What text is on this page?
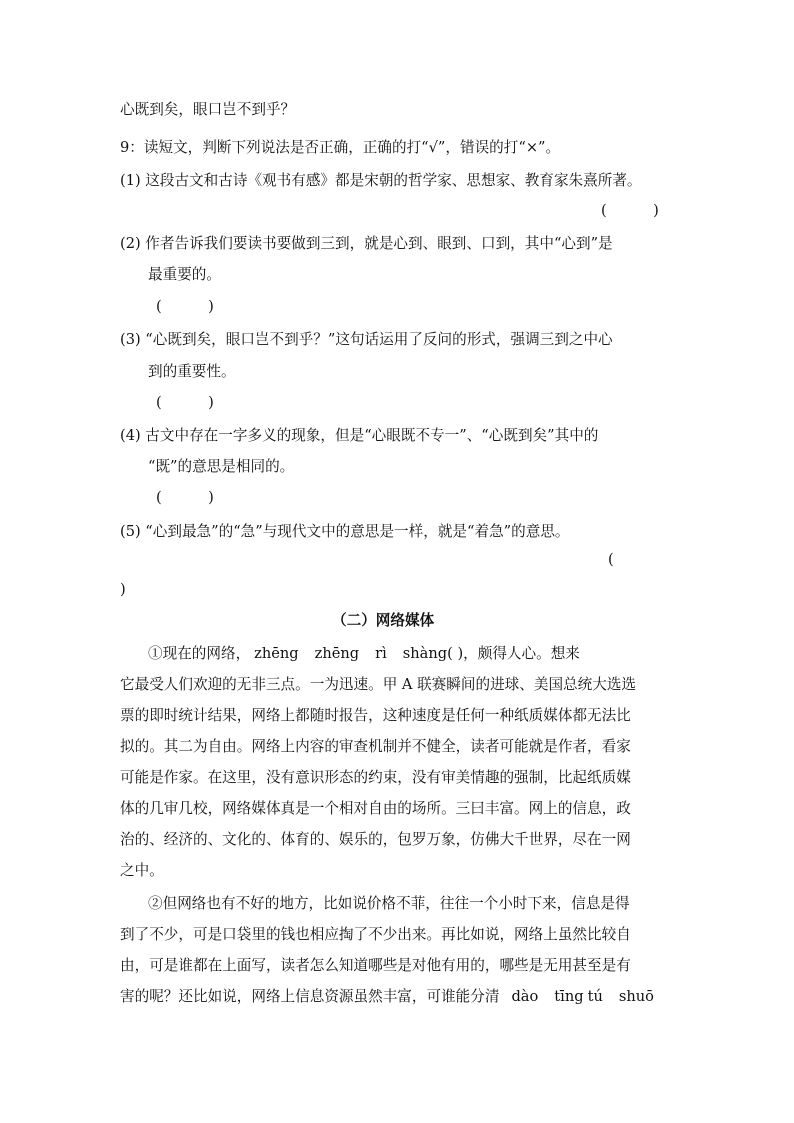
心既到矣，眼口岂不到乎？
9：读短文，判断下列说法是否正确，正确的打“√”，错误的打“×”。
(1) 这段古文和古诗《观书有感》都是宋朝的哲学家、思想家、教育家朱熹所著。
(          )
(2) 作者告诉我们要读书要做到三到，就是心到、眼到、口到，其中“心到”是
最重要的。
(          )
(3) “心既到矣，眼口岂不到乎？”这句话运用了反问的形式，强调三到之中心
到的重要性。
(          )
(4) 古文中存在一字多义的现象，但是“心眼既不专一”、“心既到矣”其中的
“既”的意思是相同的。
(          )
(5) “心到最急”的“急”与现代文中的意思是一样，就是“着急”的意思。
(
)
（二）网络媒体
①现在的网络， zhēng zhēng rì shàng( )，颇得人心。想来
它最受人们欢迎的无非三点。一为迅速。甲 A 联赛瞬间的进球、美国总统大选选
票的即时统计结果，网络上都随时报告，这种速度是任何一种纸质媒体都无法比
拟的。其二为自由。网络上内容的审查机制并不健全，读者可能就是作者，看家
可能是作家。在这里，没有意识形态的约束，没有审美情趣的强制，比起纸质媒
体的几审几校，网络媒体真是一个相对自由的场所。三曰丰富。网上的信息，政
治的、经济的、文化的、体育的、娱乐的，包罗万象，仿佛大千世界，尽在一网
之中。
②但网络也有不好的地方，比如说价格不菲，往往一个小时下来，信息是得
到了不少，可是口袋里的钱也相应掏了不少出来。再比如说，网络上虽然比较自
由，可是谁都在上面写，读者怎么知道哪些是对他有用的，哪些是无用甚至是有
害的呢？还比如说，网络上信息资源虽然丰富，可谁能分清 dào tīng tú shuō
